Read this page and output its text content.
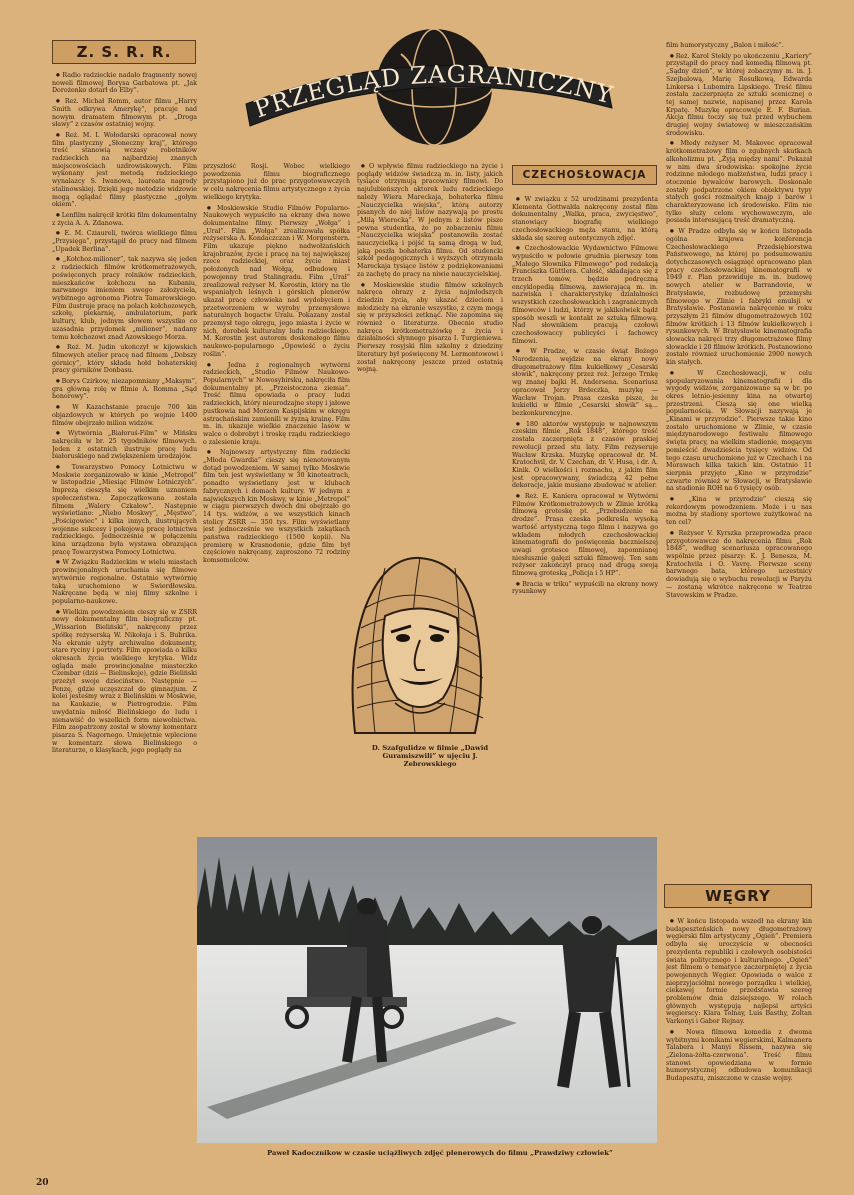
Z. S. R. R.
PRZEGLĄD ZAGRANICZNY

● Radio radzieckie nadało fragmenty nowej noweli filmowej Borysa Garbatowa pt. „Jak Dorożenko dotarł do Elby”.

● Reż. Michał Romm, autor filmu „Harry Smith odkrywa Amerykę”, pracuje nad nowym dramatem filmowym pt. „Droga sławy” z czasów ostatniej wojny.

● Reż. M. I. Wołodarski opracował nowy film plastyczny „Słoneczny kraj”, którego treść stanowią wczasy robotników radzieckich na najbardziej znanych miejscowościach uzdrowiskowych. Film wykonany jest metodą radzieckiego wynalazcy S. Iwanowa, laureata nagrody stalinowskiej. Dzięki jego metodzie widzowie mogą oglądać filmy plastyczne „gołym okiem”.

● Lenfilm nakręcił krótki film dokumentalny z życia A. A. Zdanowa.

● E. M. Cziaureli, twórca wielkiego filmu „Przysięga”, przystąpił do pracy nad filmem „Upadek Berlina”.

● „Kołchoz-milioner”, tak nazywa się jeden z radzieckich filmów krótkometrażowych, poświęconych pracy rolników radzieckich, mieszkańców kołchozu na Kubaniu, narwanego imieniem swego założyciela, wybitnego agronoma Piotra Tamarowskiego. Film ilustruje pracę na polach kołchozowych, szkołę, piekarnię, ambulatorium, park kultury, klub, jednym słowem wszystko co uzasadnia przydomek „milioner”, nadany temu kołchozowi znad Azowskiego Morza.

● Reż. M. Judin ukończył w kijowskich filmowych atelier pracę nad filmem „Dobszy górnicy”, który składa hołd bohaterskiej pracy górników Donbasu.

● Borys Czirkow, niezapomniany „Maksym”, gra główną rolę w filmie A. Romma „Sąd honorowy”.

● W Kazachstanie pracuje 700 kin objazdowych w których po wojnie 1400 filmów obejrzało milion widzów.

● Wytwórnia „Białoruś-Film” w Mińsku nakręciła w br. 25 tygodników filmowych. Jeden z ostatnich ilustruje pracę ludu białoruskiego nad zwiększeniem urodzajów.

● Towarzystwo Pomocy Lotnictwu w Moskwie zorganizowało w kinie „Metropol” w listopadzie „Miesiąc Filmów Lotniczych”. Imprezą cieszyła się wielkim uznaniem społeczeństwa. Zapoczątkowana została filmem „Walery Czkałow”. Następnie wyświetlano: „Niebo Moskwy”, „Męstwo”, „Pościgowiec” i kilka innych, ilustrujących wojenne sukcesy i pokojową pracę lotnictwa radzieckiego. Jednocześnie w połączeniu kina urządzona była wystawa obrazująca pracę Towarzystwa Pomocy Lotnictwu.

● W Związku Radzieckim w wielu miastach prowincjonalnych uruchamia się filmowe wytwórnie regionalne. Ostatnio wytwórnię taką uruchomiono w Swierdłowsku. Nakręcane będą w niej filmy szkolne i popularno-naukowe.

● Wielkim powodzeniem cieszy się w ZSRR nowy dokumentalny film biograficzny pt. „Wissarion Bieliński”, nakręcony przez spółkę reżyserską W. Nikołaja i S. Bubrika. Na ekranie użyty archiwalne dokumenty, stare ryciny i portrety. Film opowiada o kilku okresach życia wielkiego krytyka. Widz ogląda małe prowincjonalne miasteczko Czembar (dziś — Bielinskoje), gdzie Bieliński przeżył swoje dzieciństwo. Następnie — Penzę, gdzie uczęszczał do gimnazjum. Z kolei jesteśmy wraz z Bielińskim w Moskwie, na Kaukazie, w Pietrogrodzie. Film uwydatnia miłość Bielińskiego do ludu i nienawiść do wszelkich form niewolnictwa. Film zaopatrzony został w słowny komentarz pisarza S. Nagornego. Umiejętnie wplecione w komentarz słowa Bielińskiego o literaturze, o klasykach, jego poglądy na

przyszłość Rosji. Wobec wielkiego powodzenia filmu biograficznego przystąpiono już do prac przygotowawczych w celu nakręcenia filmu artystycznego z życia wielkiego krytyka.

● Moskiewskie Studio Filmów Popularno-Naukowych wypuściło na ekrany dwa nowe dokumentalne filmy. Pierwszy „Wołga” i „Urał”. Film „Wołga” zrealizowała spółka reżyserska A. Kondaczczan i W. Morgenstern. Film ukazuje piękno nadwołżańskich krajobrazów, życie i pracę na tej największej rzece radzieckiej, oraz życie miast położonych nad Wołgą, odbudowę i powojenny trud Stalingradu. Film „Urał” zrealizował reżyser M. Korostin, który na tle wspaniałych leśnych i górskich plenerów ukazał pracę człowieka nad wydobyciem i przetworzeniem w wyroby przemysłowe naturalnych bogactw Uralu. Pokazany został przemysł tego okręgu, jego miasta i życie w nich, dorobek kulturalny ludu radzieckiego. M. Korostin jest autorem doskonałego filmu naukowo-popularnego „Opowieść o życiu roślin”.

● Jedna z regionalnych wytwórni radzieckich, „Studio Filmów Naukowo-Popularnych” w Nowosybirsku, nakręciła film dokumentalny pt. „Przeistoczona ziemia”. Treść filmu opowiada o pracy ludzi radzieckich, który nieurodzajne stepy i jałowe pustkowia nad Morzem Kaspijskim w okręgu astrachańskim zamienili w żyzną krainę. Film m. in. ukazuje wielkie znaczenie lasów w walce o dobrobyt i troskę rządu radzieckiego o zalesienie kraju.

● Najnowszy artystyczny film radziecki „Młoda Gwardia” cieszy się nienotowanym dotąd powodzeniem. W samej tylko Moskwie film ten jest wyświetlany w 30 kinoteatrach, ponadto wyświetlany jest w klubach fabrycznych i domach kultury. W jednym z największych kin Moskwy, w kinie „Metropol” w ciągu pierwszych dwóch dni obejrzało go 14 tys. widzów, a we wszystkich kinach stolicy ZSRR — 350 tys. Film wyświetlany jest jednocześnie we wszystkich zakątkach państwa radzieckiego (1500 kopii). Na premierę w Krasnodonie, gdzie film był częściowo nakręcany, zaproszono 72 rodziny komsomolców.

● O wpływie filmu radzieckiego na życie i poglądy widzów świadczą m. in. listy, jakich tysiące otrzymują pracownicy filmowi. Do najulubieńszych aktorek ludu radzieckiego należy Wiera Mareckaja, bohaterka filmu „Nauczycielka wiejska”, którą autorzy pisanych do niej listów nazywają po prostu „Milą Wierocką”. W jednym z listów pisze pewna studentka, że po zobaczeniu filmu „Nauczycielka wiejska” postanowiła zostać nauczycielką i pójść tą samą drogą w lud, jaką poszła bohaterka filmu. Od studencki szkół pedagogicznych i wyższych otrzymała Mareckaja tysiące listów z podziękowaniami za zachętę do pracy na niwie nauczycielskiej.

● Moskiewskie studio filmów szkolnych nakręca obrazy z życia najmłodszych dziedzin życia, aby ukazać dzieciom i młodzieży na ekranie wszystko, z czym mogą się w przyszłości zetknąć. Nie zapomina się również o literaturze. Obecnie studio nakręca krótkometrażówkę z życia i działalności słynnego pisarza I. Turgieniewa. Pierwszy rosyjski film szkolny z dziedziny literatury był poświęcony M. Lermontowowi i został nakręcony jeszcze przed ostatnią wojną.

D. Szafgulidze w filmie „Dawid Guramiszwili” w ujęciu J. Zebrowskiego
CZECHOSŁOWACJA

● W związku z 52 urodzinami prezydenta Klementa Gottwalda nakręcony został film dokumentalny „Walka, praca, zwycięstwo”, stanowiący biografię wielkiego czechosłowackiego męża stanu, na którą składa się szereg autentycznych zdjęć.

● Czechosłowackie Wydawnictwo Filmowe wypuściło w połowie grudnia pierwszy tom „Małego Słownika Filmowego” pod redakcją Franciszka Güttlera. Całość, składająca się z trzech tomów, będzie podręczną encyklopedią filmową, zawierającą m. in. nazwiska i charakterystykę działalności wszystkich czechosłowackich i zagranicznych filmowców i ludzi, którzy w jakikolwiek bądź sposób weszli w kontakt ze sztuką filmową. Nad słownikiem pracują czołowi czechosłowaccy publicyści i fachowcy filmowi.

● W Pradze, w czasie świąt Bożego Narodzenia, wejdzie na ekrany nowy długometrażowy film kukiełkowy „Cesarski słowik”, nakręcony przez reż. Jerzego Trnkę wg znanej bajki H. Andersena. Scenariusz opracował Jerzy Brdeczka, muzykę — Wacław Trojan. Prasa czeska pisze, że kukiełki w filmie „Cesarski słowik” są... bezkonkurencyjne.

● 180 aktorów występuje w najnowszym czeskim filmie „Rok 1848”, którego treść została zaczerpnięta z czasów praskiej rewolucji przed stu laty. Film reżyseruje Wacław Krzska. Muzykę opracował dr. M. Kratochvil, dr. V. Czechan, dr. V. Husa, i dr. A. Kinik. O wielkości i rozmachu, z jakim film jest opracowywany, świadczą 42 pełne dekoracje, jakie musiano zbudować w atelier.

● Reż. E. Kaniera opracował w Wytwórni Filmów Krótkometrażowych w Zlinie krótką filmową groteskę pt. „Przebudzenie na drodze”. Prasa czeska podkreśla wysoką wartość artystyczną tego filmu i nazywa go wkładem młodych czechosłowackiej kinematografii do poświęcenia bacznielszej uwagi grotesce filmowej, zapomnianej niesłusznie gałęzi sztuki filmowej. Ten sam reżyser zakończył pracę nad drugą swoją filmową groteską „Policja i 5 HP”.

● Bracia w triku” wypuścili na ekrany nowy rysunkowy

film humorystyczny „Balon i miłość”.

● Reż. Karol Stekly po ukończeniu „Kariery” przystąpił do pracy nad komedią filmową pt. „Sądny dzień”, w której zobaczymy m. in. J. Szejbalową, Marię Rosułkową, Edwarda Linkersa i Lubomira Lipskiego. Treść filmu została zaczerpnięta ze sztuki scenicznej o tej samej nazwie, napisanej przez Karola Krpatę. Muzykę opracowuje E. F. Burian. Akcja filmu toczy się tuż przed wybuchem drugiej wojny światowej w mieszczańskim środowisku.

● Młody reżyser M. Makovec opracował krótkometrażowy film o zgubnych skutkach alkoholizmu pt. „Żyją między nami”. Pokazał w nim dwa środowiska: spokojne życie rodzinne młodego małżeństwa, ludzi pracy i otoczenie bywalców barowych. Doskonale zostały podpatrzone okiem obiektywu typy stałych gości rozmaitych knajp i barów i charakteryzowane ich środowisko. Film nie tylko służy celom wychowawczym, ale posiada interesującą treść dramatyczną.

● W Pradze odbyła się w końcu listopada ogólna krajowa konferencja Czechosłowackiego Przedsiębiorstwa Państwowego, na której po podsumowaniu dotychczasowych osiągnięć opracowano plan pracy czechosłowackiej kinematografii w 1949 r. Plan przewiduje m. in. budowę nowych atelier w Barrandovie, w Bratysławie, rozbudowę przemysłu filmowego w Zlinie i fabryki emulsji w Bratysławie. Postanawia nakręcenie w roku przyszłym 21 filmów długometrażowych 102 filmów krótkich i 13 filmów kukiełkowych i rysunkowych. W Bratysławie kinematografia słowacka nakręci trzy długometrażowe filmy słowackie i 20 filmów krótkich. Postanowiono zostało również uruchomienie 2900 nowych kin stałych.

● W Czechosłowacji, w celu spopularyzowania kinematografii i dla wygody widzów, zorganizowane są w br. po okres letnio-jesienny kina na otwartej przestrzeni. Cieszą się one wielką popularnością. W Słowacji nazywają je „Kinami w przyrodzie”. Pierwsze takie kino zostało uruchomione w Zlinie, w czasie międzynarodowego festiwalu filmowego święta pracy, na wielkim stadionie, mogącym pomieścić dwadzieścia tysięcy widzów. Od tego czasu uruchomiono już w Czechach i na Morawach kilka takich kin. Ostatnio 11 sierpnia przyjęto „Kino w przyrodzie” czwarte również w Słowacji, w Bratysławie na stadionie ROH na 6 tysięcy osób.

● „Kina w przyrodzie” cieszą się rekordowym powodzeniem. Może i u nas można by stadiony sportowe zużytkować na ten cel?

● Reżyser V. Kyrszka przeprowadza prace przygotowawcze do nakręcenia filmu „Rok 1848”, według scenariusza opracowanego wspólnie przez pisarzy: K. J. Benesza, M. Kratochvila i O. Vavrę. Pierwsze sceny barwnego bata, którego uczestnicy dowiadują się o wybuchu rewolucji w Paryżu — zostaną wkrótce nakręcone w Teatrze Stavowskim w Pradze.

WĘGRY

● W końcu listopada wszedł na ekrany kin budapeszteńskich nowy długometrażowy węgierski film artystyczny „Ogień”. Premiera odbyła się uroczyście w obecności prezydenta republiki i czołowych osobistości świata politycznego i kulturalnego. „Ogień” jest filmem o tematyce zaczerpniętej z życia powojennych Węgier. Opowiada o walce z nieprzyjaciółmi nowego porządku i wielkiej, ciekawej formie przedstawia szereg problemów dnia dzisiejszego. W rolach głównych występują najlepsi artyści węgierscy: Klara Tolnay, Luis Basthy, Zoltan Varkonyi i Gabor Rejnay.

● Nowa filmowa komedia z dwoma wybitnymi komikami węgierskimi, Kalmanera Talabera i Manyi Rissem, nazywa się „Zielona-żółta-czerwona”. Treść filmu stanowi opowiedziana w formie humorystycznej odbudowa komunikacji Budapesztu, zniszczone w czasie wojny.

Paweł Kadocznikow w czasie uciążliwych zdjęć plenerowych do filmu „Prawdziwy człowiek”
20
